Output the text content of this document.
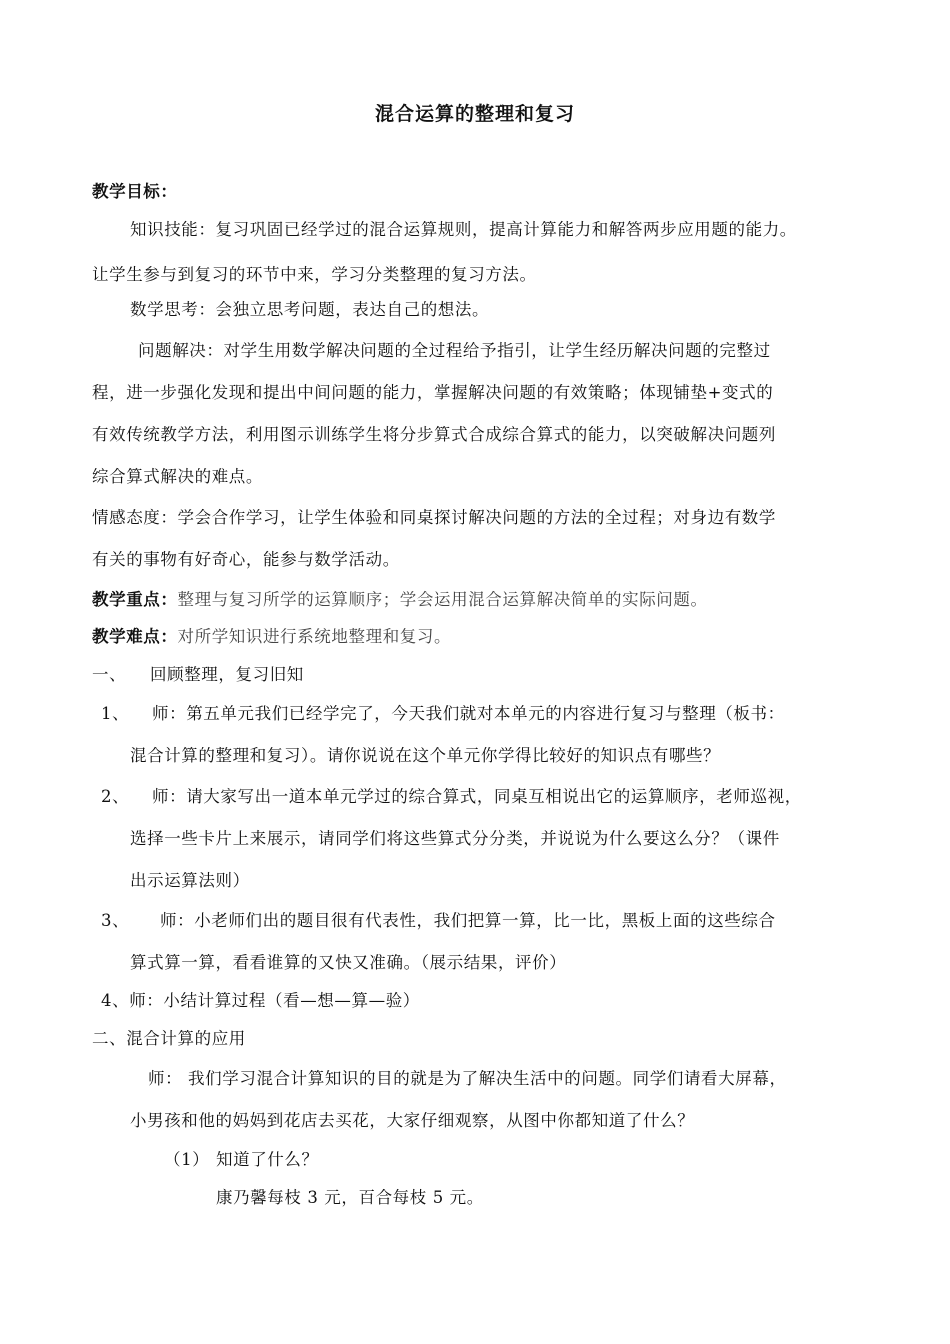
混合运算的整理和复习
教学目标：
知识技能：复习巩固已经学过的混合运算规则，提高计算能力和解答两步应用题的能力。
让学生参与到复习的环节中来，学习分类整理的复习方法。
数学思考：会独立思考问题，表达自己的想法。
问题解决：对学生用数学解决问题的全过程给予指引，让学生经历解决问题的完整过
程，进一步强化发现和提出中间问题的能力，掌握解决问题的有效策略；体现铺垫+变式的
有效传统教学方法，利用图示训练学生将分步算式合成综合算式的能力，以突破解决问题列
综合算式解决的难点。
情感态度：学会合作学习，让学生体验和同桌探讨解决问题的方法的全过程；对身边有数学
有关的事物有好奇心，能参与数学活动。
教学重点：整理与复习所学的运算顺序；学会运用混合运算解决简单的实际问题。
教学难点：对所学知识进行系统地整理和复习。
一、 回顾整理，复习旧知
1、 师：第五单元我们已经学完了，今天我们就对本单元的内容进行复习与整理（板书：
混合计算的整理和复习）。请你说说在这个单元你学得比较好的知识点有哪些？
2、 师：请大家写出一道本单元学过的综合算式，同桌互相说出它的运算顺序，老师巡视，
选择一些卡片上来展示，请同学们将这些算式分分类，并说说为什么要这么分？（课件
出示运算法则）
3、 师：小老师们出的题目很有代表性，我们把算一算，比一比，黑板上面的这些综合
算式算一算，看看谁算的又快又准确。（展示结果，评价）
4、师：小结计算过程（看—想—算—验）
二、混合计算的应用
师： 我们学习混合计算知识的目的就是为了解决生活中的问题。同学们请看大屏幕，
小男孩和他的妈妈到花店去买花，大家仔细观察，从图中你都知道了什么？
（1） 知道了什么？
康乃馨每枝 3 元，百合每枝 5 元。
